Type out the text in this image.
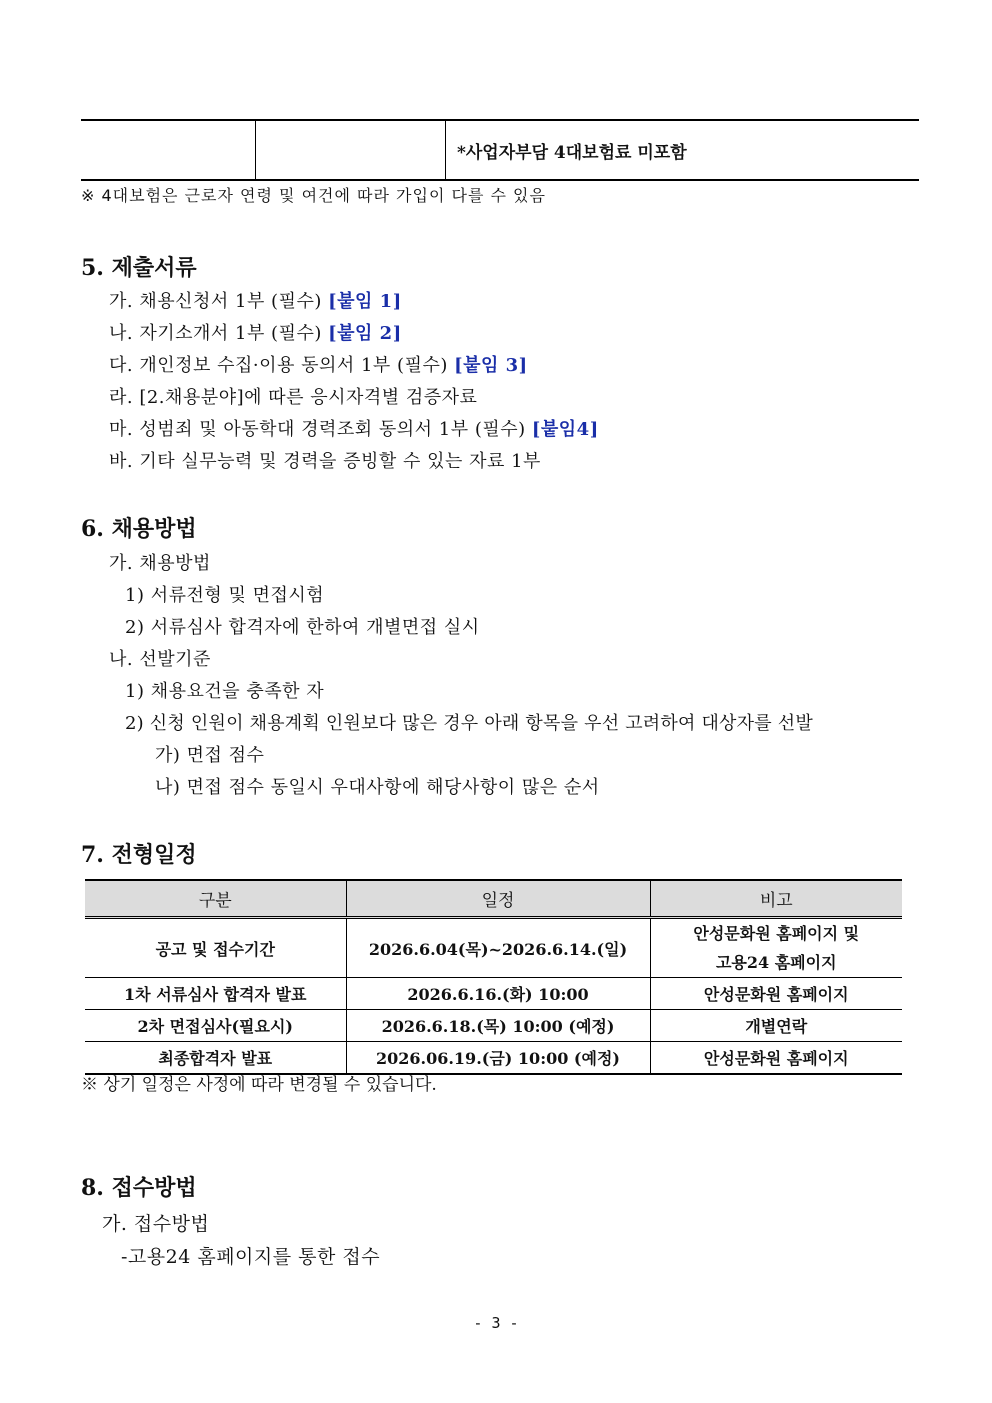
*사업자부담 4대보험료 미포함
※ 4대보험은 근로자 연령 및 여건에 따라 가입이 다를 수 있음
5. 제출서류
가. 채용신청서 1부 (필수) [붙임 1]
나. 자기소개서 1부 (필수) [붙임 2]
다. 개인정보 수집·이용 동의서 1부 (필수) [붙임 3]
라. [2.채용분야]에 따른 응시자격별 검증자료
마. 성범죄 및 아동학대 경력조회 동의서 1부 (필수) [붙임4]
바. 기타 실무능력 및 경력을 증빙할 수 있는 자료 1부
6. 채용방법
가. 채용방법
1) 서류전형 및 면접시험
2) 서류심사 합격자에 한하여 개별면접 실시
나. 선발기준
1) 채용요건을 충족한 자
2) 신청 인원이 채용계획 인원보다 많은 경우 아래 항목을 우선 고려하여 대상자를 선발
가) 면접 점수
나) 면접 점수 동일시 우대사항에 해당사항이 많은 순서
7. 전형일정
구분	일정	비고
공고 및 접수기간	2026.6.04(목)~2026.6.14.(일)	안성문화원 홈페이지 및
고용24 홈페이지

1차 서류심사 합격자 발표	2026.6.16.(화) 10:00	안성문화원 홈페이지
2차 면접심사(필요시)	2026.6.18.(목) 10:00 (예정)	개별연락
최종합격자 발표	2026.06.19.(금) 10:00 (예정)	안성문화원 홈페이지
※ 상기 일정은 사정에 따라 변경될 수 있습니다.
8. 접수방법
가. 접수방법
-고용24 홈페이지를 통한 접수
- 3 -
